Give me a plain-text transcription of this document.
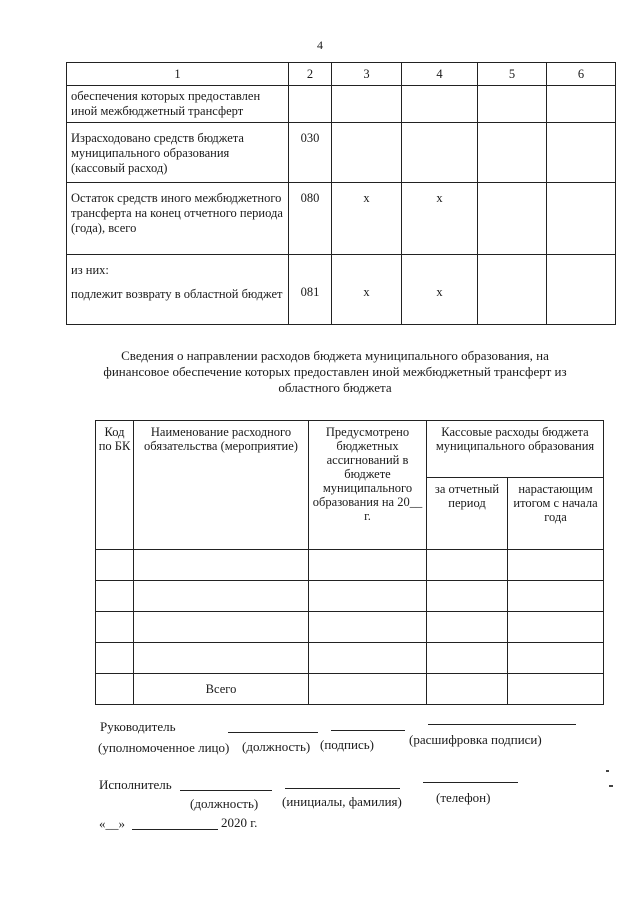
4
1	2	3	4	5	6
обеспечения которых предоставлен иной межбюджетный трансферт					
Израсходовано средств бюджета муниципального образования (кассовый расход)	030				
Остаток средств иного межбюджетного трансферта на конец отчетного периода (года), всего	080	x	x		

из них:
подлежит возврату в областной бюджет	081	x	x		
Сведения о направлении расходов бюджета муниципального образования, на финансовое обеспечение которых предоставлен иной межбюджетный трансферт из областного бюджета
Код по БК	Наименование расходного обязательства (мероприятие)	Предусмотрено бюджетных ассигнований в бюджете муниципального образования на 20__ г.	Кассовые расходы бюджета муниципального образования	
			за отчетный период	нарастающим итогом с начала года

	Всего			
Руководитель
(уполномоченное лицо) (должность) (подпись)	(расшифровка подписи)
Исполнитель
(должность) (инициалы, фамилия)	(телефон)
«__»	2020 г.
